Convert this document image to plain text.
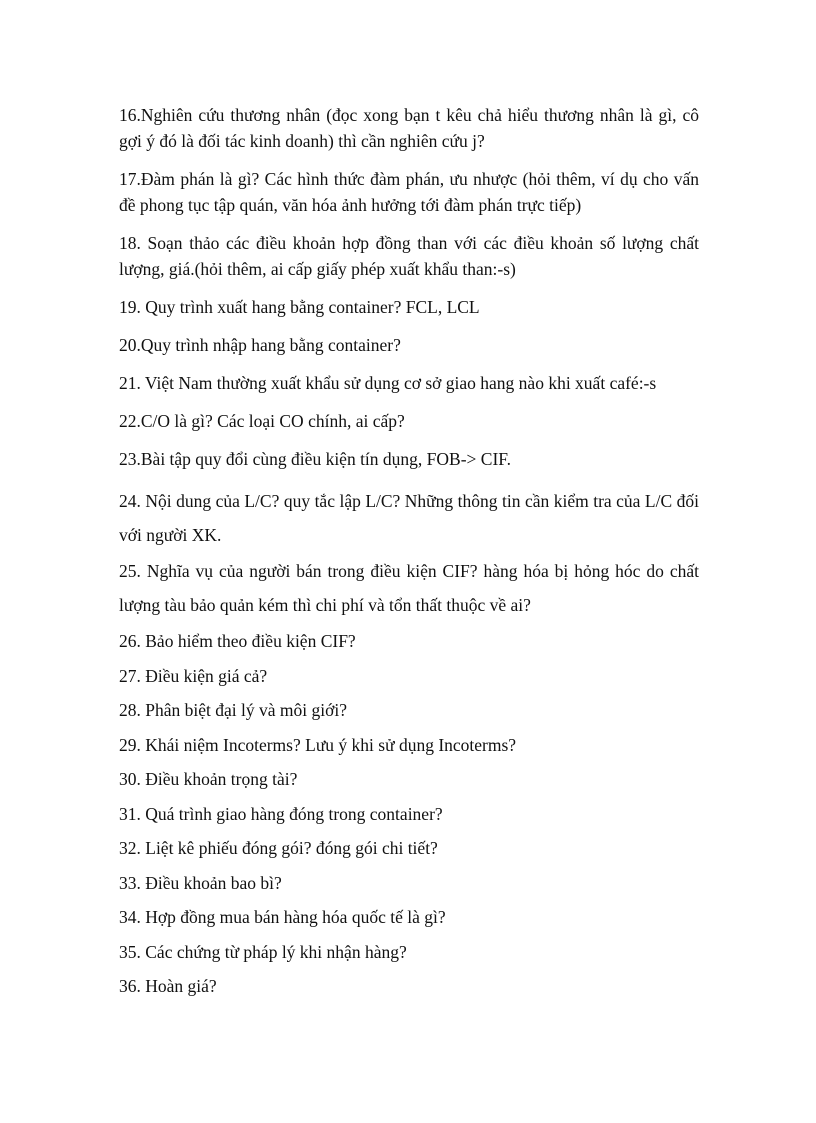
16.Nghiên cứu thương nhân (đọc xong bạn t kêu chả hiểu thương nhân là gì, cô gợi ý đó là đối tác kinh doanh) thì cần nghiên cứu j?

17.Đàm phán là gì? Các hình thức đàm phán, ưu nhược (hỏi thêm, ví dụ cho vấn đề phong tục tập quán, văn hóa ảnh hưởng tới đàm phán trực tiếp)

18. Soạn thảo các điều khoản hợp đồng than với các điều khoản số lượng chất lượng, giá.(hỏi thêm, ai cấp giấy phép xuất khẩu than:-s)

19. Quy trình xuất hang bằng container? FCL, LCL

20.Quy trình nhập hang bằng container?

21. Việt Nam thường xuất khẩu sử dụng cơ sở giao hang nào khi xuất café:-s

22.C/O là gì? Các loại CO chính, ai cấp?

23.Bài tập quy đổi cùng điều kiện tín dụng, FOB-> CIF.

24. Nội dung của L/C? quy tắc lập L/C? Những thông tin cần kiểm tra của L/C đối với người XK.

25. Nghĩa vụ của người bán trong điều kiện CIF? hàng hóa bị hỏng hóc do chất lượng tàu bảo quản kém thì chi phí và tổn thất thuộc về ai?

26. Bảo hiểm theo điều kiện CIF?

27. Điều kiện giá cả?

28. Phân biệt đại lý và môi giới?

29. Khái niệm Incoterms? Lưu ý khi sử dụng Incoterms?

30. Điều khoản trọng tài?

31. Quá trình giao hàng đóng trong container?

32. Liệt kê phiếu đóng gói? đóng gói chi tiết?

33. Điều khoản bao bì?

34. Hợp đồng mua bán hàng hóa quốc tế là gì?

35. Các chứng từ pháp lý khi nhận hàng?

36. Hoàn giá?
